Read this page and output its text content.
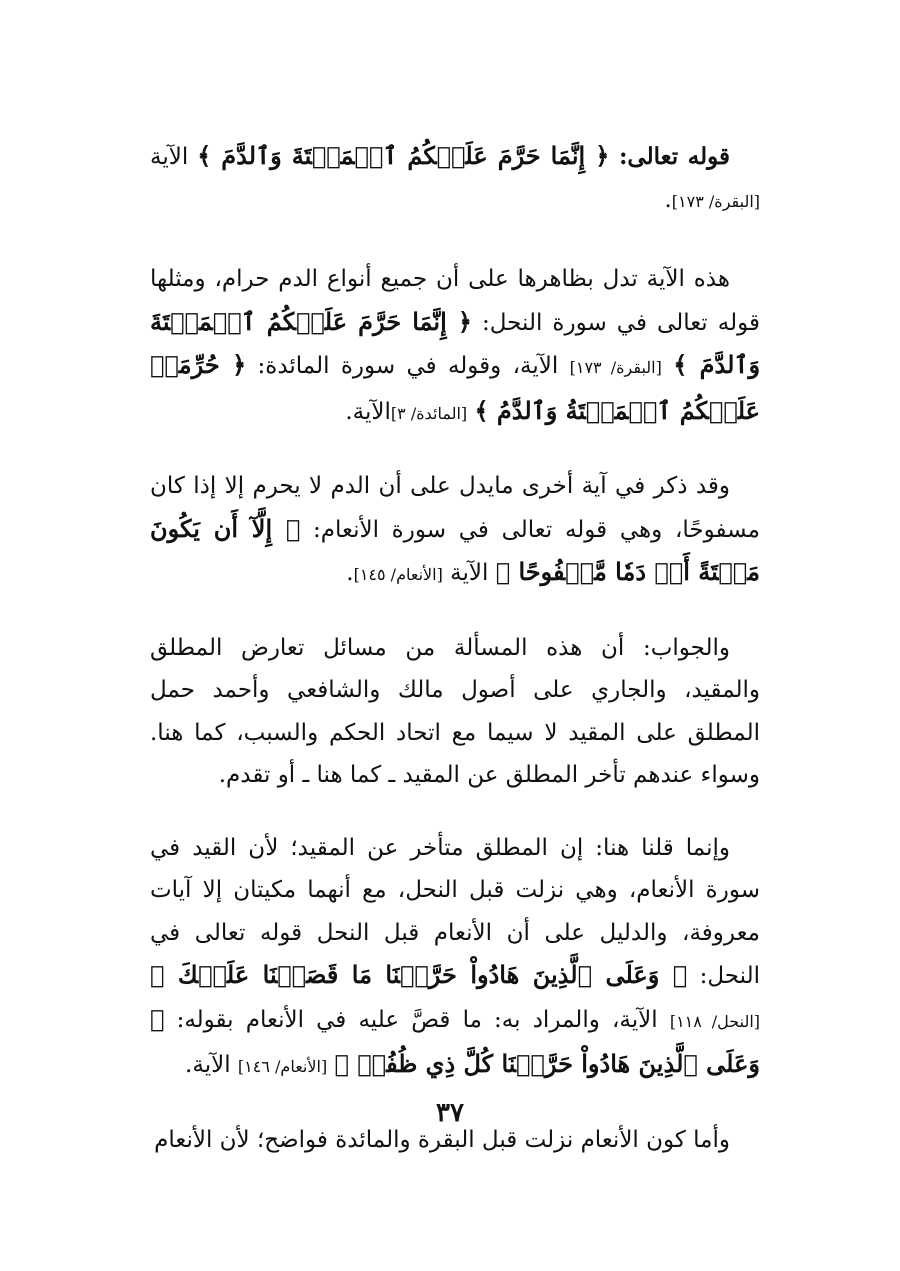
قوله تعالى: ﴿ إِنَّمَا حَرَّمَ عَلَيۡكُمُ ٱلۡمَيۡتَةَ وَٱلدَّمَ ﴾ الآية [البقرة/ ١٧٣].

هذه الآية تدل بظاهرها على أن جميع أنواع الدم حرام، ومثلها قوله تعالى في سورة النحل: ﴿ إِنَّمَا حَرَّمَ عَلَيۡكُمُ ٱلۡمَيۡتَةَ وَٱلدَّمَ ﴾ [البقرة/ ١٧٣] الآية، وقوله في سورة المائدة: ﴿ حُرِّمَتۡ عَلَيۡكُمُ ٱلۡمَيۡتَةُ وَٱلدَّمُ ﴾ [المائدة/ ٣]الآية.

وقد ذكر في آية أخرى مايدل على أن الدم لا يحرم إلا إذا كان مسفوحًا، وهي قوله تعالى في سورة الأنعام: ﴿ إِلَّآ أَن يَكُونَ مَيۡتَةً أَوۡ دَمٗا مَّسۡفُوحًا ﴾ الآية [الأنعام/ ١٤٥].

والجواب: أن هذه المسألة من مسائل تعارض المطلق والمقيد، والجاري على أصول مالك والشافعي وأحمد حمل المطلق على المقيد لا سيما مع اتحاد الحكم والسبب، كما هنا. وسواء عندهم تأخر المطلق عن المقيد ـ كما هنا ـ أو تقدم.

وإنما قلنا هنا: إن المطلق متأخر عن المقيد؛ لأن القيد في سورة الأنعام، وهي نزلت قبل النحل، مع أنهما مكيتان إلا آيات معروفة، والدليل على أن الأنعام قبل النحل قوله تعالى في النحل: ﴿ وَعَلَى ٱلَّذِينَ هَادُواْ حَرَّمۡنَا مَا قَصَصۡنَا عَلَيۡكَ ﴾ [النحل/ ١١٨] الآية، والمراد به: ما قصَّ عليه في الأنعام بقوله: ﴿ وَعَلَى ٱلَّذِينَ هَادُواْ حَرَّمۡنَا كُلَّ ذِي ظُفُرٖ ﴾ [الأنعام/ ١٤٦] الآية.

وأما كون الأنعام نزلت قبل البقرة والمائدة فواضح؛ لأن الأنعام

٣٧
